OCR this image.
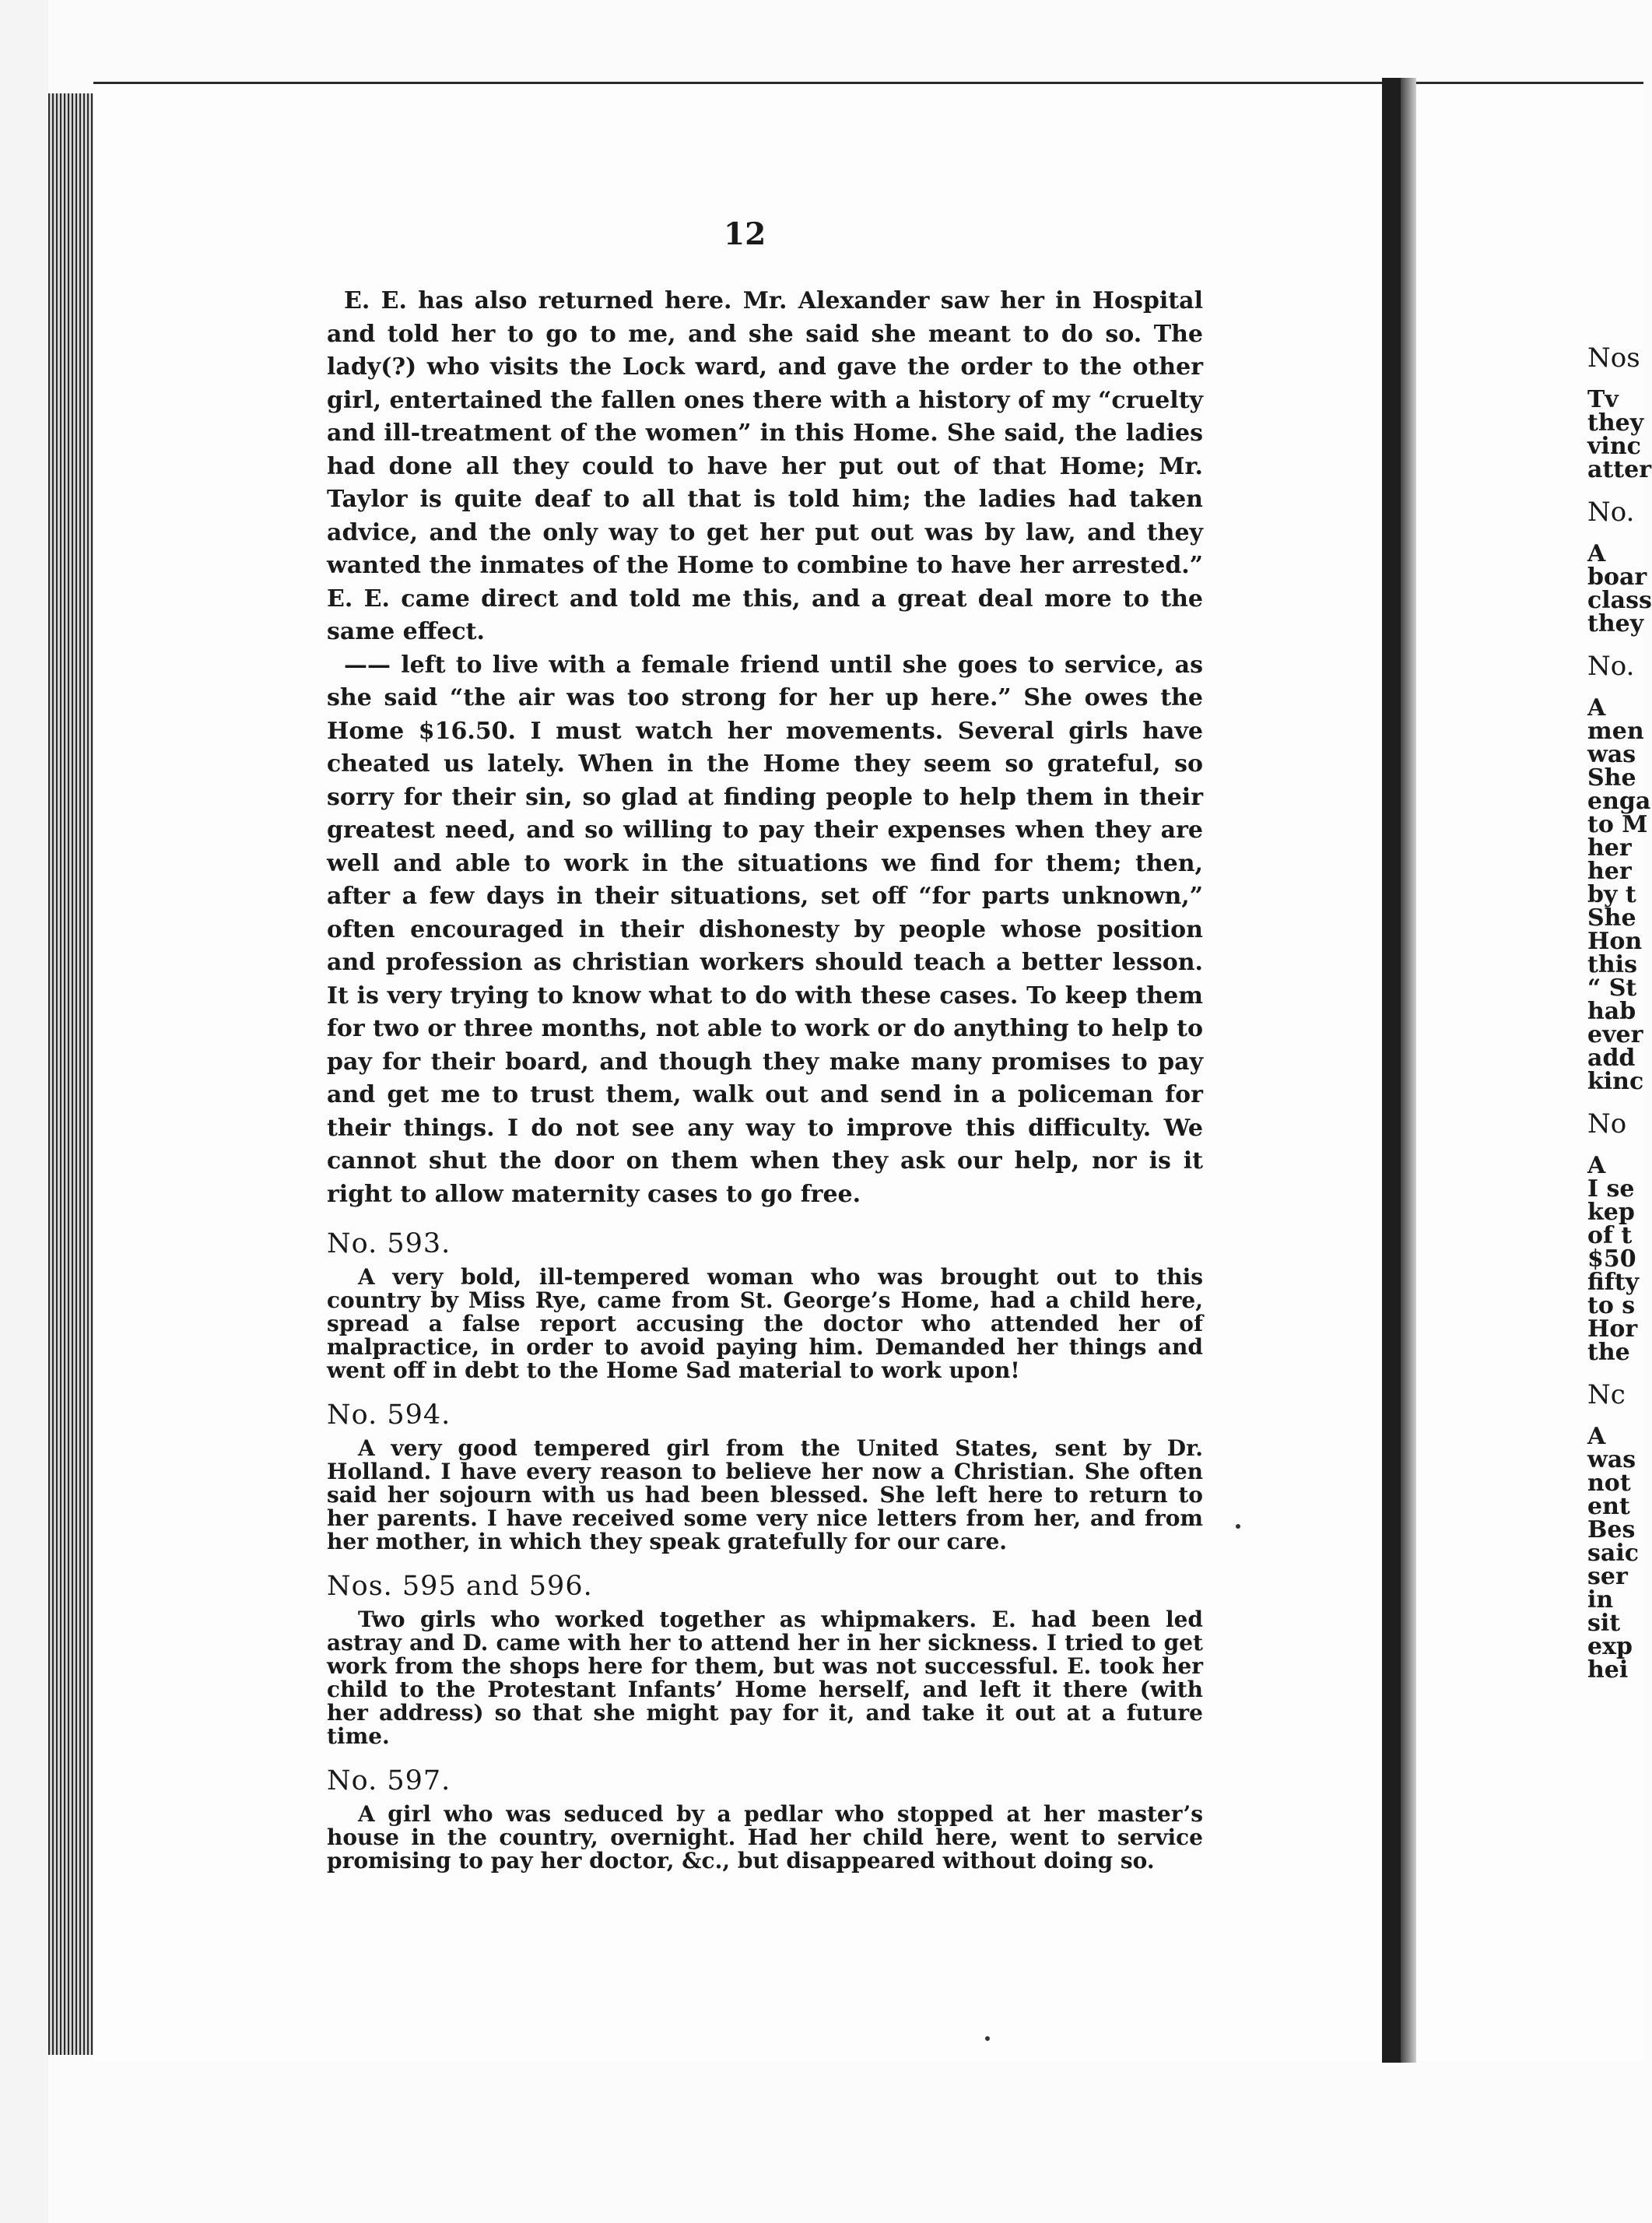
12

E. E. has also returned here. Mr. Alexander saw her in Hospital and told her to go to me, and she said she meant to do so. The lady(?) who visits the Lock ward, and gave the order to the other girl, entertained the fallen ones there with a history of my “cruelty and ill-treatment of the women” in this Home. She said, the ladies had done all they could to have her put out of that Home; Mr. Taylor is quite deaf to all that is told him; the ladies had taken advice, and the only way to get her put out was by law, and they wanted the inmates of the Home to combine to have her arrested.” E. E. came direct and told me this, and a great deal more to the same effect.

—— left to live with a female friend until she goes to service, as she said “the air was too strong for her up here.” She owes the Home $16.50. I must watch her movements. Several girls have cheated us lately. When in the Home they seem so grateful, so sorry for their sin, so glad at finding people to help them in their greatest need, and so willing to pay their expenses when they are well and able to work in the situations we find for them; then, after a few days in their situations, set off “for parts unknown,” often encouraged in their dishonesty by people whose position and profession as christian workers should teach a better lesson. It is very trying to know what to do with these cases. To keep them for two or three months, not able to work or do anything to help to pay for their board, and though they make many promises to pay and get me to trust them, walk out and send in a policeman for their things. I do not see any way to improve this difficulty. We cannot shut the door on them when they ask our help, nor is it right to allow maternity cases to go free.

No. 593.

A very bold, ill-tempered woman who was brought out to this country by Miss Rye, came from St. George’s Home, had a child here, spread a false report accusing the doctor who attended her of malpractice, in order to avoid paying him. Demanded her things and went off in debt to the Home Sad material to work upon!

No. 594.

A very good tempered girl from the United States, sent by Dr. Holland. I have every reason to believe her now a Christian. She often said her sojourn with us had been blessed. She left here to return to her parents. I have received some very nice letters from her, and from her mother, in which they speak gratefully for our care.

Nos. 595 and 596.

Two girls who worked together as whipmakers. E. had been led astray and D. came with her to attend her in her sickness. I tried to get work from the shops here for them, but was not successful. E. took her child to the Protestant Infants’ Home herself, and left it there (with her address) so that she might pay for it, and take it out at a future time.

No. 597.

A girl who was seduced by a pedlar who stopped at her master’s house in the country, overnight. Had her child here, went to service promising to pay her doctor, &c., but disappeared without doing so.

Nos
Tv
they
vinc
atter
No.
A
boar
class
they
No.
A
men
was
She
enga
to M
her
her
by t
She
Hon
this
“ St
hab
ever
add
kinc
No
A
I se
kep
of t
$50
fifty
to s
Hor
the
Nc
A
was
not
ent
Bes
saic
ser
in
sit
exp
hei
